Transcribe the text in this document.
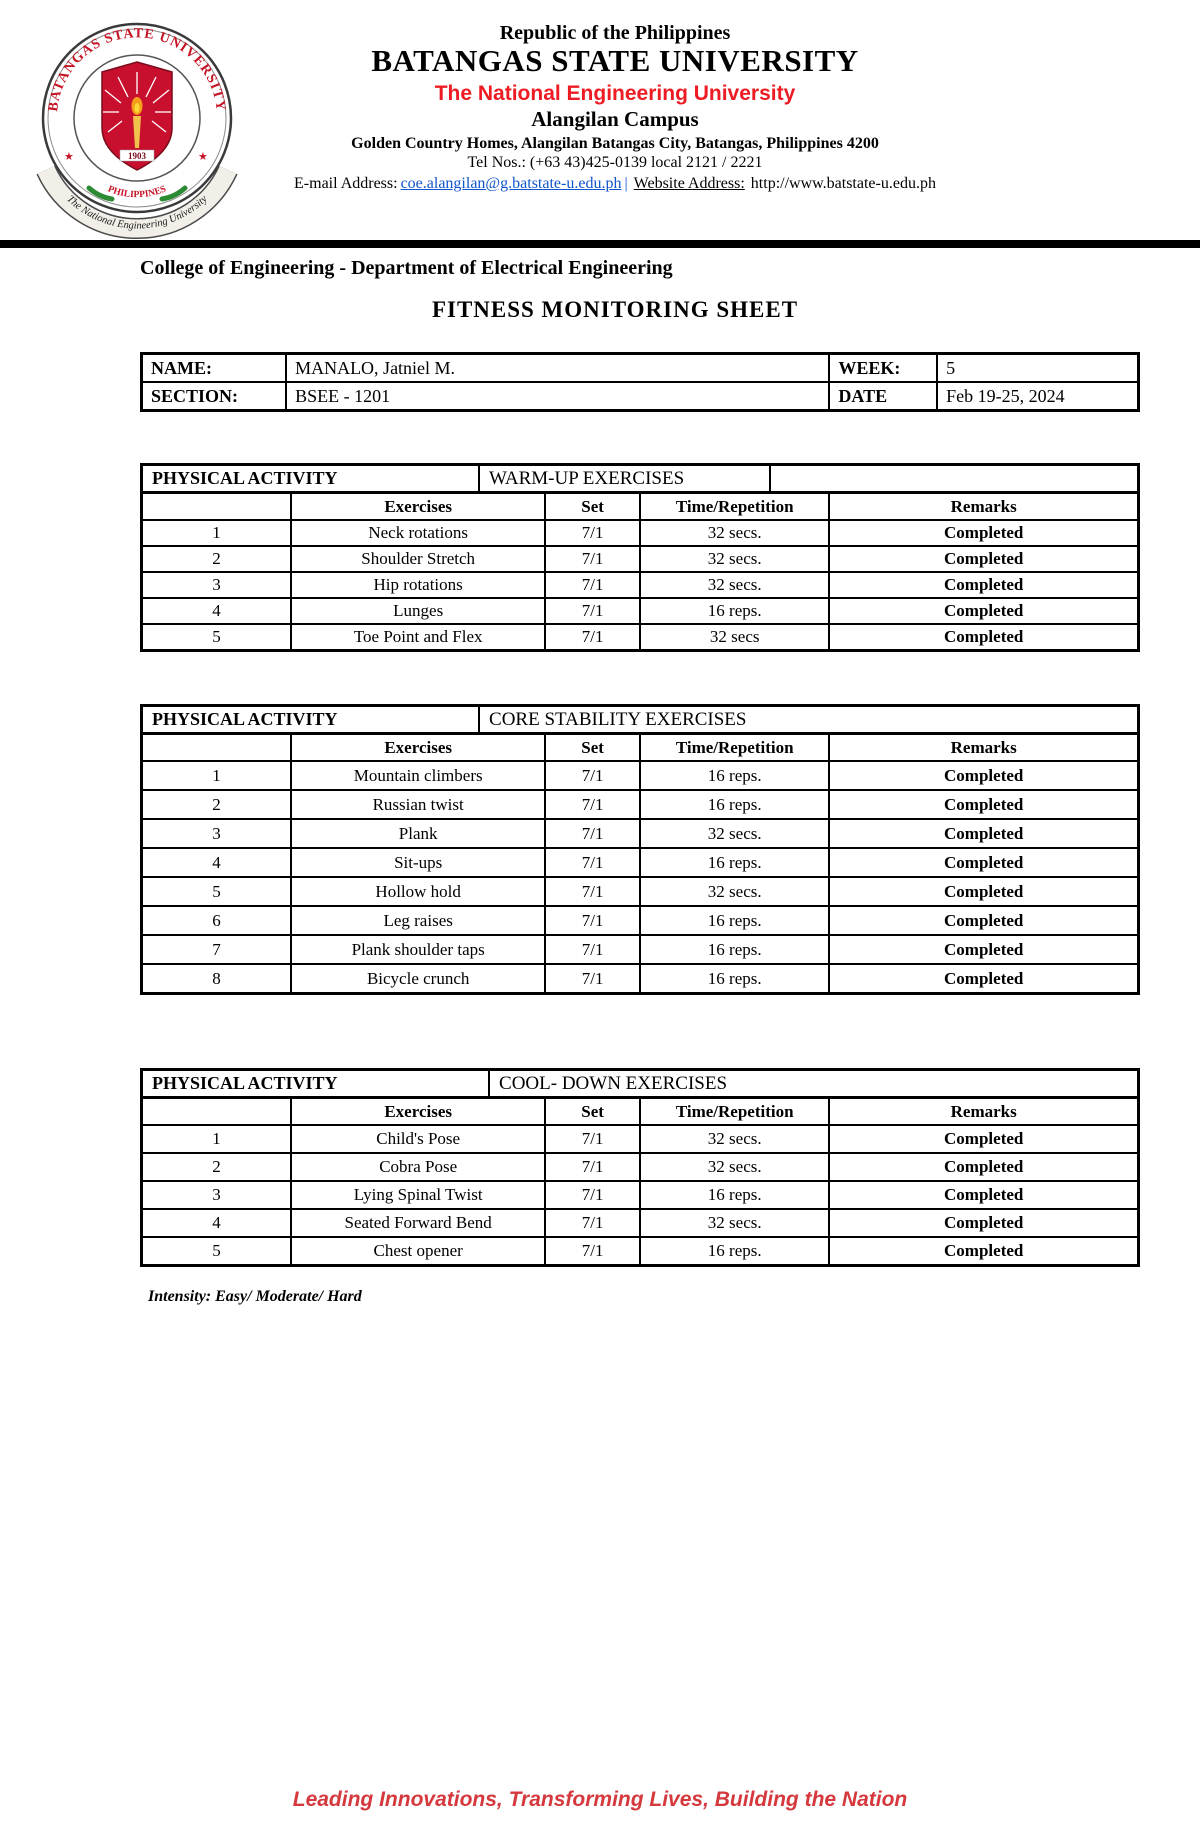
BATANGAS STATE UNIVERSITY
PHILIPPINES
★	★
1903
The National Engineering University
Republic of the Philippines
BATANGAS STATE UNIVERSITY
The National Engineering University
Alangilan Campus
Golden Country Homes, Alangilan Batangas City, Batangas, Philippines 4200
Tel Nos.: (+63 43)425-0139 local 2121 / 2221
E-mail Address: coe.alangilan@g.batstate-u.edu.ph | Website Address: http://www.batstate-u.edu.ph
College of Engineering - Department of Electrical Engineering
FITNESS MONITORING SHEET
NAME:	MANALO, Jatniel M.	WEEK:	5
SECTION:	BSEE - 1201	DATE	Feb 19-25, 2024
PHYSICAL ACTIVITY	WARM-UP EXERCISES	
	Exercises	Set	Time/Repetition	Remarks
1	Neck rotations	7/1	32 secs.	Completed
2	Shoulder Stretch	7/1	32 secs.	Completed
3	Hip rotations	7/1	32 secs.	Completed
4	Lunges	7/1	16 reps.	Completed
5	Toe Point and Flex	7/1	32 secs	Completed
PHYSICAL ACTIVITY	CORE STABILITY EXERCISES
	Exercises	Set	Time/Repetition	Remarks
1	Mountain climbers	7/1	16 reps.	Completed
2	Russian twist	7/1	16 reps.	Completed
3	Plank	7/1	32 secs.	Completed
4	Sit-ups	7/1	16 reps.	Completed
5	Hollow hold	7/1	32 secs.	Completed
6	Leg raises	7/1	16 reps.	Completed
7	Plank shoulder taps	7/1	16 reps.	Completed
8	Bicycle crunch	7/1	16 reps.	Completed
PHYSICAL ACTIVITY	COOL- DOWN EXERCISES
	Exercises	Set	Time/Repetition	Remarks
1	Child's Pose	7/1	32 secs.	Completed
2	Cobra Pose	7/1	32 secs.	Completed
3	Lying Spinal Twist	7/1	16 reps.	Completed
4	Seated Forward Bend	7/1	32 secs.	Completed
5	Chest opener	7/1	16 reps.	Completed
Intensity: Easy/ Moderate/ Hard
Leading Innovations, Transforming Lives, Building the Nation
